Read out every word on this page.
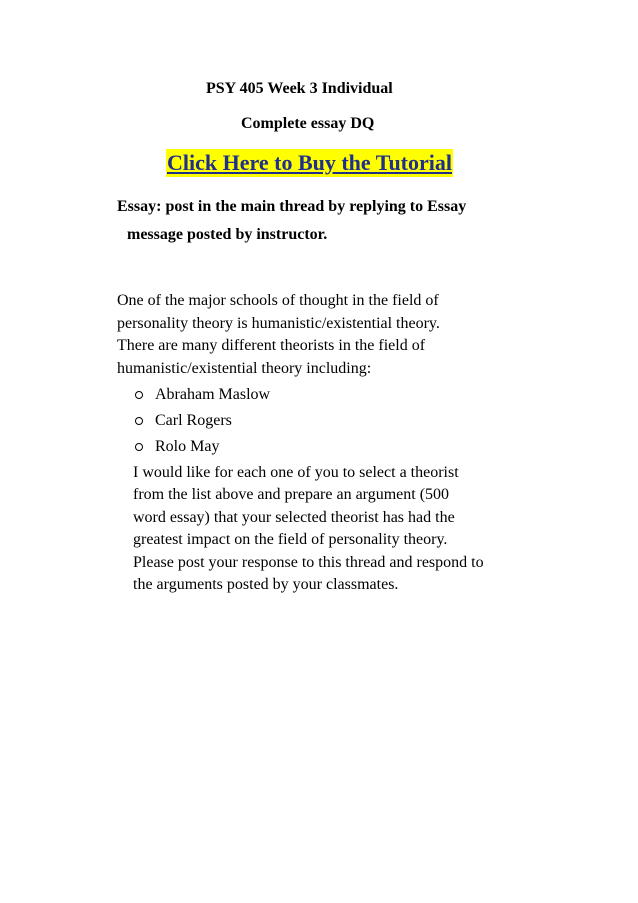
PSY 405 Week 3 Individual
Complete essay DQ
Click Here to Buy the Tutorial
Essay: post in the main thread by replying to Essay
message posted by instructor.
One of the major schools of thought in the field of
personality theory is humanistic/existential theory.
There are many different theorists in the field of
humanistic/existential theory including:
Abraham Maslow
Carl Rogers
Rolo May
I would like for each one of you to select a theorist
from the list above and prepare an argument (500
word essay) that your selected theorist has had the
greatest impact on the field of personality theory.
Please post your response to this thread and respond to
the arguments posted by your classmates.
